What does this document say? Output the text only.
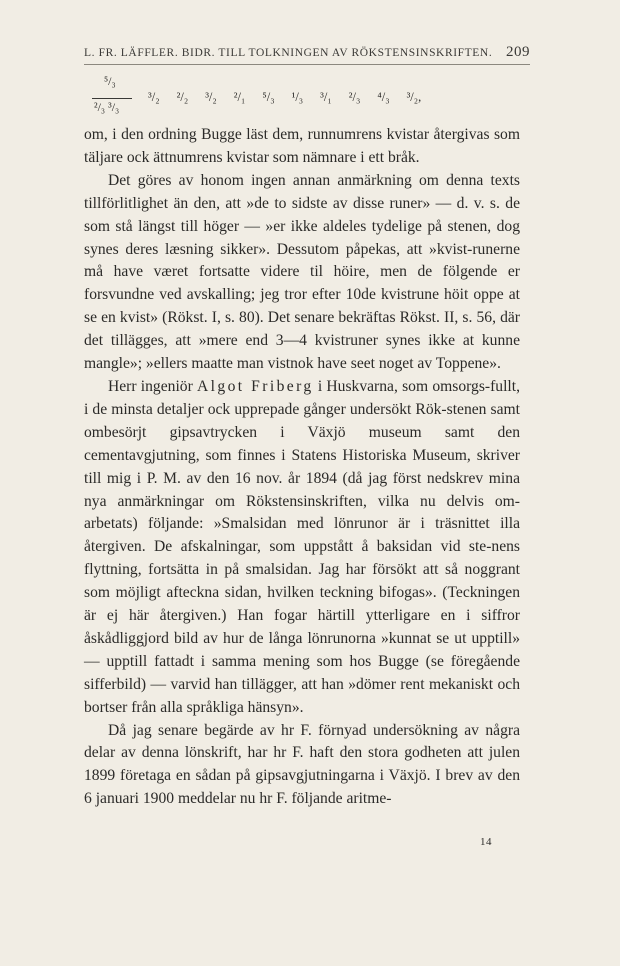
L. FR. LÄFFLER. BIDR. TILL TOLKNINGEN AV RÖKSTENSINSKRIFTEN. 209
⁵/₃
²/₃ ³/₃
³/₂ ²/₂ ³/₂ ²/₁ ⁵/₃ ¹/₃ ³/₁ ²/₃ ⁴/₃ ³/₂,

om, i den ordning Bugge läst dem, runnumrens kvistar återgivas som täljare ock ättnumrens kvistar som nämnare i ett bråk.

Det göres av honom ingen annan anmärkning om denna texts tillförlitlighet än den, att »de to sidste av disse runer» — d. v. s. de som stå längst till höger — »er ikke aldeles tydelige på stenen, dog synes deres læsning sikker». Dessutom påpekas, att »kvist-runerne må have været fortsatte videre til höire, men de fölgende er forsvundne ved avskalling; jeg tror efter 10de kvistrune höit oppe at se en kvist» (Rökst. I, s. 80). Det senare bekräftas Rökst. II, s. 56, där det tillägges, att »mere end 3—4 kvistruner synes ikke at kunne mangle»; »ellers maatte man vistnok have seet noget av Toppene».

Herr ingeniör Algot Friberg i Huskvarna, som omsorgs-fullt, i de minsta detaljer ock upprepade gånger undersökt Rök-stenen samt ombesörjt gipsavtrycken i Växjö museum samt den cementavgjutning, som finnes i Statens Historiska Museum, skriver till mig i P. M. av den 16 nov. år 1894 (då jag först nedskrev mina nya anmärkningar om Rökstensinskriften, vilka nu delvis om-arbetats) följande: »Smalsidan med lönrunor är i träsnittet illa återgiven. De afskalningar, som uppstått å baksidan vid ste-nens flyttning, fortsätta in på smalsidan. Jag har försökt att så noggrant som möjligt afteckna sidan, hvilken teckning bifogas». (Teckningen är ej här återgiven.) Han fogar härtill ytterligare en i siffror åskådliggjord bild av hur de långa lönrunorna »kunnat se ut upptill» — upptill fattadt i samma mening som hos Bugge (se föregående sifferbild) — varvid han tillägger, att han »dömer rent mekaniskt och bortser från alla språkliga hänsyn».

Då jag senare begärde av hr F. förnyad undersökning av några delar av denna lönskrift, har hr F. haft den stora godheten att julen 1899 företaga en sådan på gipsavgjutningarna i Växjö. I brev av den 6 januari 1900 meddelar nu hr F. följande aritme-

14
